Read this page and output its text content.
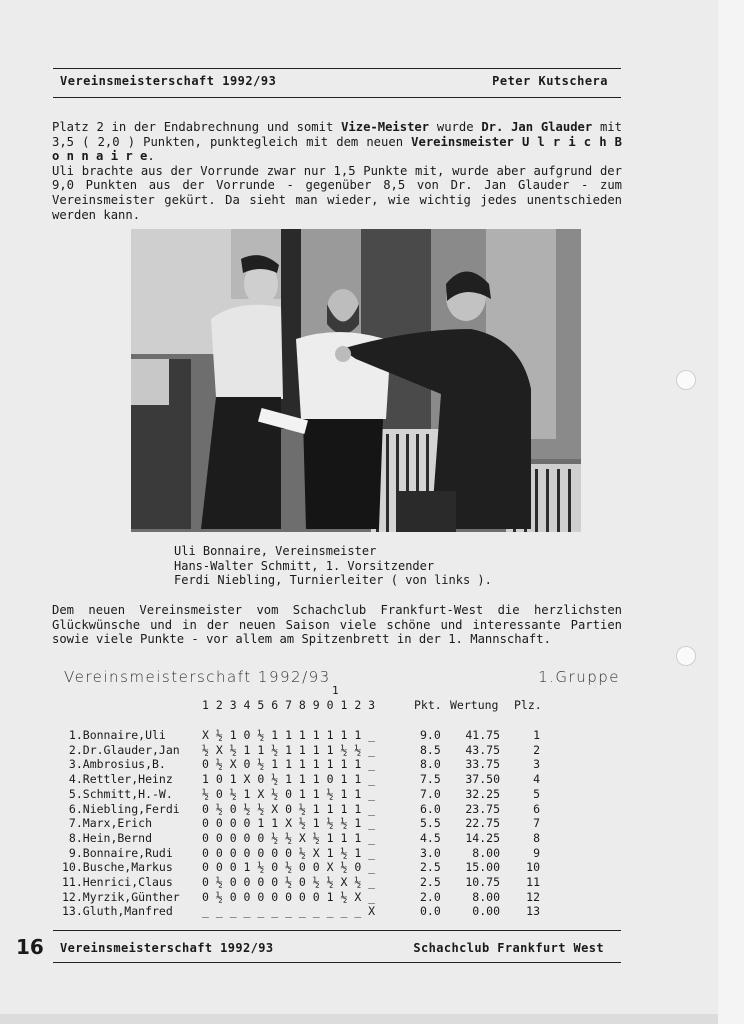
Vereinsmeisterschaft 1992/93	Peter Kutschera
Platz 2 in der Endabrechnung und somit Vize-Meister wurde Dr. Jan Glauder mit 3,5 ( 2,0 ) Punkten, punktegleich mit dem neuen Vereinsmeister U l r i c h B o n n a i r e.
Uli brachte aus der Vorrunde zwar nur 1,5 Punkte mit, wurde aber aufgrund der 9,0 Punkten aus der Vorrunde - gegenüber 8,5 von Dr. Jan Glauder - zum Vereinsmeister gekürt. Da sieht man wieder, wie wichtig jedes unentschieden werden kann.
Uli Bonnaire, Vereinsmeister
Hans-Walter Schmitt, 1. Vorsitzender
Ferdi Niebling, Turnierleiter ( von links ).
Dem neuen Vereinsmeister vom Schachclub Frankfurt-West die herzlichsten Glückwünsche und in der neuen Saison viele schöne und interessante Partien sowie viele Punkte - vor allem am Spitzenbrett in der 1. Mannschaft.
Vereinsmeisterschaft 1992/93	1.Gruppe
1
1 2 3 4 5 6 7 8 9 0 1 2 3	Pkt. Wertung Plz.
1.Bonnaire,Uli	X ½ 1 0 ½ 1 1 1 1 1 1 1 _	9.0 41.75	1
2.Dr.Glauder,Jan ½ X ½ 1 1 ½ 1 1 1 1 ½ ½ _	8.5 43.75	2
3.Ambrosius,B.	0 ½ X 0 ½ 1 1 1 1 1 1 1 _	8.0 33.75	3
4.Rettler,Heinz	1 0 1 X 0 ½ 1 1 1 0 1 1 _	7.5 37.50	4
5.Schmitt,H.-W.	½ 0 ½ 1 X ½ 0 1 1 ½ 1 1 _	7.0 32.25	5
6.Niebling,Ferdi 0 ½ 0 ½ ½ X 0 ½ 1 1 1 1 _	6.0 23.75	6
7.Marx,Erich	0 0 0 0 1 1 X ½ 1 ½ ½ 1 _	5.5 22.75	7
8.Hein,Bernd	0 0 0 0 0 ½ ½ X ½ 1 1 1 _	4.5 14.25	8
9.Bonnaire,Rudi	0 0 0 0 0 0 0 ½ X 1 ½ 1 _	3.0	8.00	9
10.Busche,Markus	0 0 0 1 ½ 0 ½ 0 0 X ½ 0 _	2.5 15.00	10
11.Henrici,Claus	0 ½ 0 0 0 0 ½ 0 ½ ½ X ½ _	2.5 10.75	11
12.Myrzik,Günther 0 ½ 0 0 0 0 0 0 0 1 ½ X _	2.0	8.00	12
13.Gluth,Manfred	_ _ _ _ _ _ _ _ _ _ _ _ X	0.0	0.00	13
16 Vereinsmeisterschaft 1992/93	Schachclub Frankfurt West
